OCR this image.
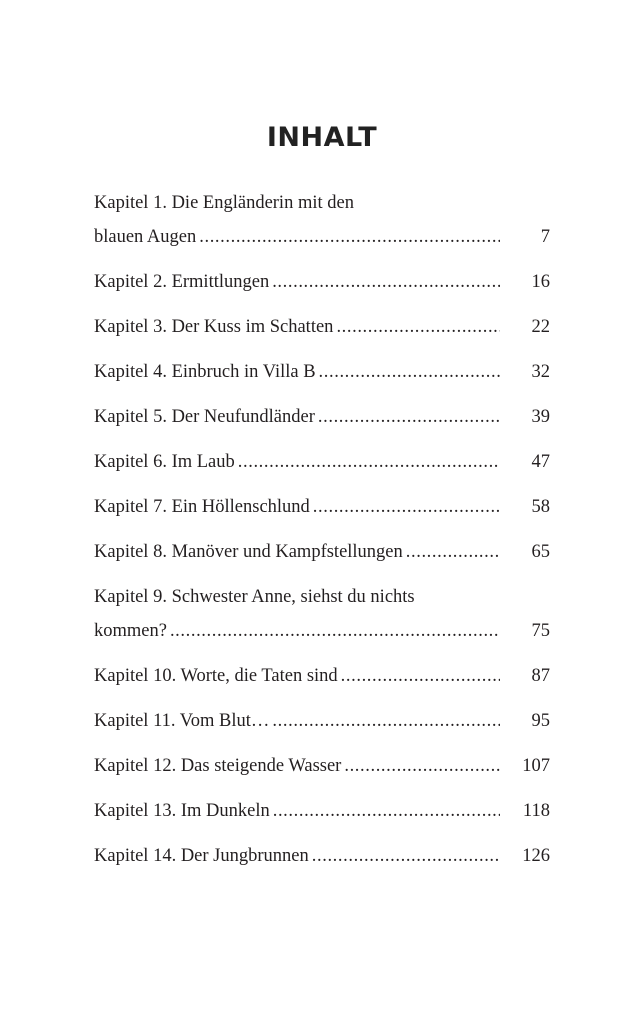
INHALT
Kapitel 1. Die Engländerin mit den
blauen Augen .....	7
Kapitel 2. Ermittlungen .....	16
Kapitel 3. Der Kuss im Schatten .....	22
Kapitel 4. Einbruch in Villa B .....	32
Kapitel 5. Der Neufundländer .....	39
Kapitel 6. Im Laub .....	47
Kapitel 7. Ein Höllenschlund .....	58
Kapitel 8. Manöver und Kampfstellungen .....	65
Kapitel 9. Schwester Anne, siehst du nichts
kommen? .....	75
Kapitel 10. Worte, die Taten sind .....	87
Kapitel 11. Vom Blut… .....	95
Kapitel 12. Das steigende Wasser .....	107
Kapitel 13. Im Dunkeln .....	118
Kapitel 14. Der Jungbrunnen .....	126
